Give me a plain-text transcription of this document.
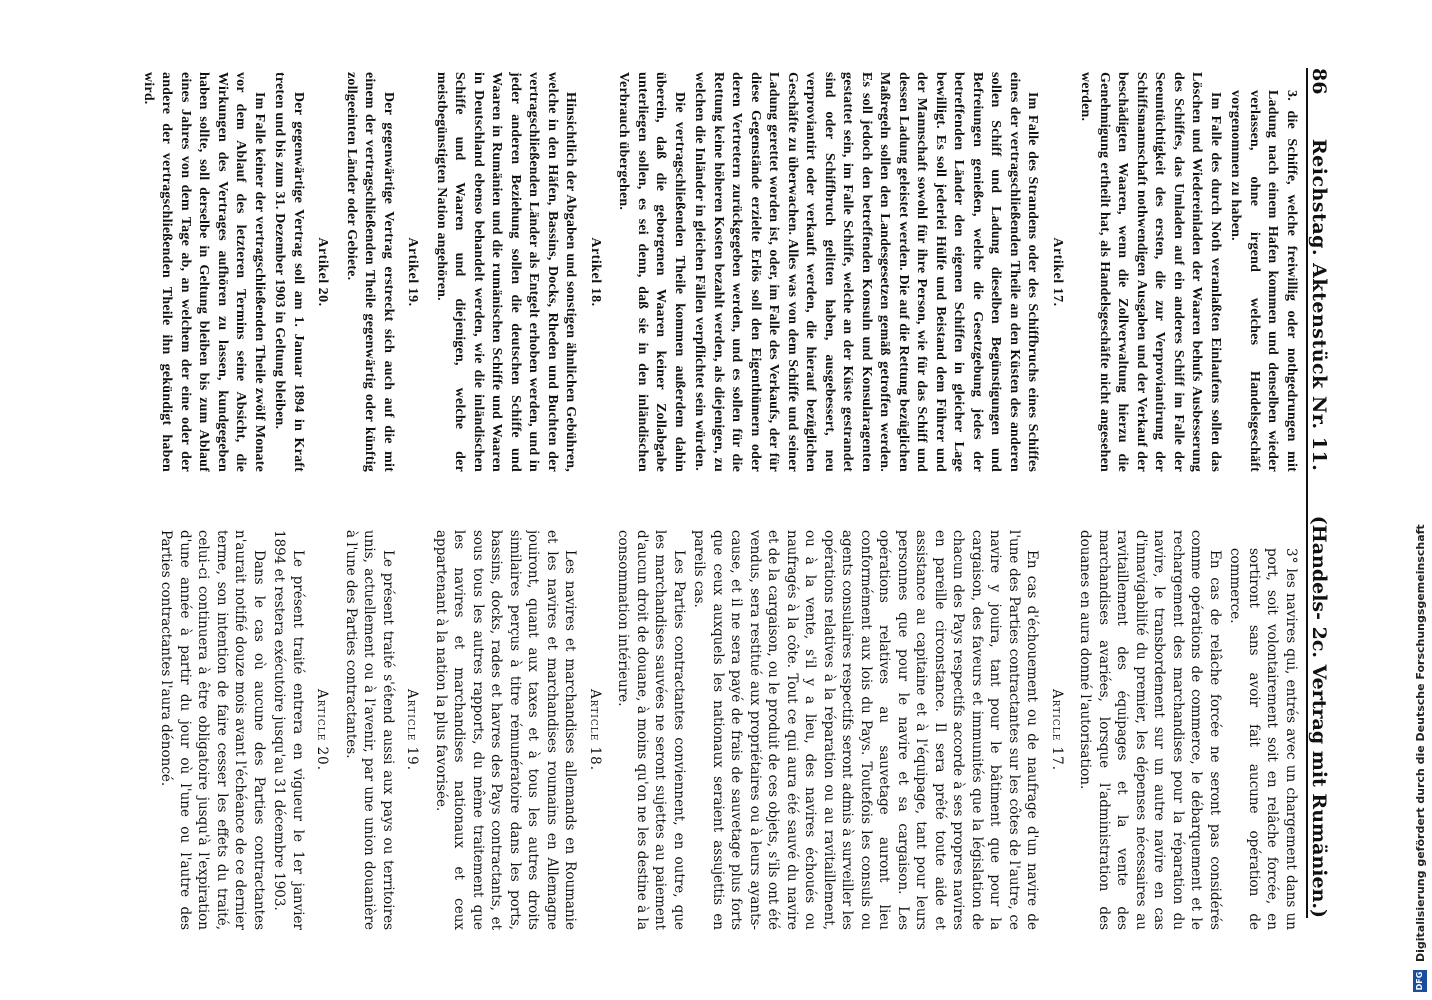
86
Reichstag. Aktenstück Nr. 11.
(Handels- 2c. Vertrag mit Rumänien.)

3° les navires qui, entrés avec un chargement dans un port, soit volontairement soit en relâche forcée, en sortiront sans avoir fait aucune opération de commerce.

En cas de relâche forcée ne seront pas considérés comme opérations de commerce, le débarquement et le rechargement des marchandises pour la réparation du navire, le transbordement sur un autre navire en cas d'innavigabilité du premier, les dépenses nécessaires au ravitaillement des équipages et la vente des marchandises avariées, lorsque l'administration des douanes en aura donné l'autorisation.

Article 17.

En cas d'échouement ou de naufrage d'un navire de l'une des Parties contractantes sur les côtes de l'autre, ce navire y jouira, tant pour le bâtiment que pour la cargaison, des faveurs et immunités que la législation de chacun des Pays respectifs accorde à ses propres navires en pareille circonstance. Il sera prêté toute aide et assistance au capitaine et à l'équipage, tant pour leurs personnes que pour le navire et sa cargaison. Les opérations relatives au sauvetage auront lieu conformément aux lois du Pays. Toutefois les consuls ou agents consulaires respectifs seront admis à surveiller les opérations relatives à la réparation ou au ravitaillement, ou à la vente, s'il y a lieu, des navires échoués ou naufragés à la côte. Tout ce qui aura été sauvé du navire et de la cargaison, ou le produit de ces objets, s'ils ont été vendus, sera restitué aux propriétaires ou à leurs ayants-cause, et il ne sera payé de frais de sauvetage plus forts que ceux auxquels les nationaux seraient assujettis en pareils cas.

Les Parties contractantes conviennent, en outre, que les marchandises sauvées ne seront sujettes au paiement d'aucun droit de douane, à moins qu'on ne les destine à la consommation intérieure.

Article 18.

Les navires et marchandises allemands en Roumanie et les navires et marchandises roumains en Allemagne jouiront, quant aux taxes et à tous les autres droits similaires perçus à titre rémunératoire dans les ports, bassins, docks, rades et havres des Pays contractants, et sous tous les autres rapports, du même traitement que les navires et marchandises nationaux et ceux appartenant à la nation la plus favorisée.

Article 19.

Le présent traité s'étend aussi aux pays ou territoires unis, actuellement ou à l'avenir, par une union douanière à l'une des Parties contractantes.

Article 20.

Le présent traité entrera en vigueur le 1er janvier 1894 et restera exécutoire jusqu'au 31 décembre 1903.

Dans le cas où aucune des Parties contractantes n'aurait notifié douze mois avant l'échéance de ce dernier terme, son intention de faire cesser les effets du traité, celui-ci continuera à être obligatoire jusqu'à l'expiration d'une année à partir du jour où l'une ou l'autre des Parties contractantes l'aura dénoncé.

3. die Schiffe, welche freiwillig oder nothgedrungen mit Ladung nach einem Hafen kommen und denselben wieder verlassen, ohne irgend welches Handelsgeschäft vorgenommen zu haben.

Im Falle des durch Noth veranlaßten Einlaufens sollen das Löschen und Wiedereinladen der Waaren behufs Ausbesserung des Schiffes, das Umladen auf ein anderes Schiff im Falle der Seeuntüchtigkeit des ersten, die zur Verproviantirung der Schiffsmannschaft nothwendigen Ausgaben und der Verkauf der beschädigten Waaren, wenn die Zollverwaltung hierzu die Genehmigung ertheilt hat, als Handelsgeschäfte nicht angesehen werden.

Artikel 17.

Im Falle des Strandens oder des Schiffbruchs eines Schiffes eines der vertragschließenden Theile an den Küsten des anderen sollen Schiff und Ladung dieselben Begünstigungen und Befreiungen genießen, welche die Gesetzgebung jedes der betreffenden Länder den eigenen Schiffen in gleicher Lage bewilligt. Es soll jederlei Hülfe und Beistand dem Führer und der Mannschaft sowohl für ihre Person, wie für das Schiff und dessen Ladung geleistet werden. Die auf die Rettung bezüglichen Maßregeln sollen den Landesgesetzen gemäß getroffen werden. Es soll jedoch den betreffenden Konsuln und Konsularagenten gestattet sein, im Falle Schiffe, welche an der Küste gestrandet sind oder Schiffbruch gelitten haben, ausgebessert, neu verproviantirt oder verkauft werden, die hierauf bezüglichen Geschäfte zu überwachen. Alles was von dem Schiffe und seiner Ladung gerettet worden ist, oder, im Falle des Verkaufs, der für diese Gegenstände erzielte Erlös soll den Eigenthümern oder deren Vertretern zurückgegeben werden, und es sollen für die Rettung keine höheren Kosten bezahlt werden, als diejenigen, zu welchen die Inländer in gleichen Fällen verpflichtet sein würden.

Die vertragschließenden Theile kommen außerdem dahin überein, daß die geborgenen Waaren keiner Zollabgabe unterliegen sollen, es sei denn, daß sie in den inländischen Verbrauch übergehen.

Artikel 18.

Hinsichtlich der Abgaben und sonstigen ähnlichen Gebühren, welche in den Häfen, Bassins, Docks, Rheden und Buchten der vertragschließenden Länder als Entgelt erhoben werden, und in jeder anderen Beziehung sollen die deutschen Schiffe und Waaren in Rumänien und die rumänischen Schiffe und Waaren in Deutschland ebenso behandelt werden, wie die inländischen Schiffe und Waaren und diejenigen, welche der meistbegünstigten Nation angehören.

Artikel 19.

Der gegenwärtige Vertrag erstreckt sich auch auf die mit einem der vertragschließenden Theile gegenwärtig oder künftig zollgeeinten Länder oder Gebiete.

Artikel 20.

Der gegenwärtige Vertrag soll am 1. Januar 1894 in Kraft treten und bis zum 31. Dezember 1903 in Geltung bleiben.

Im Falle keiner der vertragschließenden Theile zwölf Monate vor dem Ablauf des letzteren Termins seine Absicht, die Wirkungen des Vertrages aufhören zu lassen, kundgegeben haben sollte, soll derselbe in Geltung bleiben bis zum Ablauf eines Jahres von dem Tage ab, an welchem der eine oder der andere der vertragschließenden Theile ihn gekündigt haben wird.

DFG
Digitalisierung gefördert durch die Deutsche Forschungsgemeinschaft
